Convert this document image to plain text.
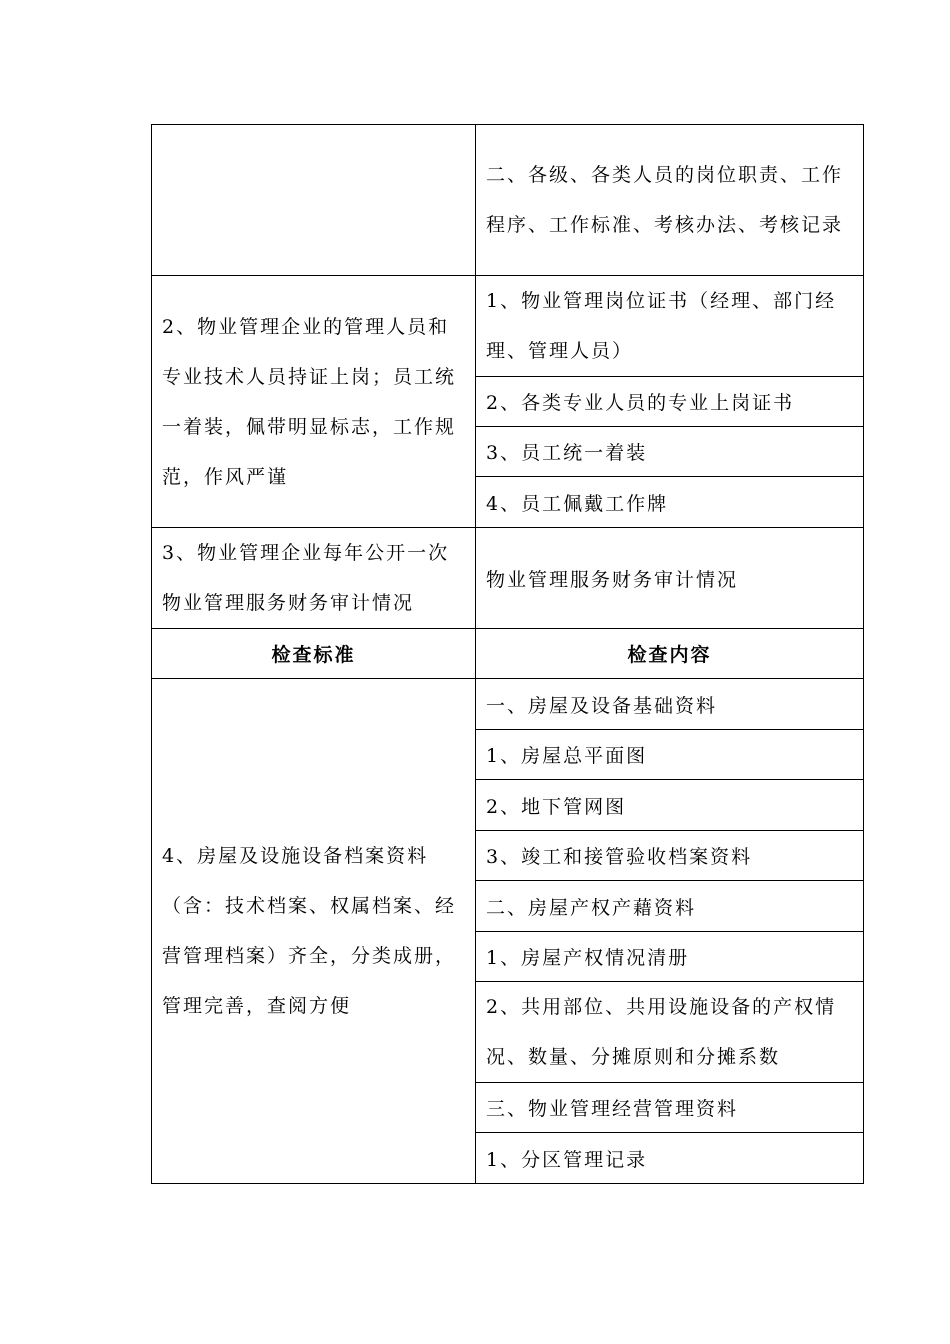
	二、各级、各类人员的岗位职责、工作程序、工作标准、考核办法、考核记录
2、物业管理企业的管理人员和专业技术人员持证上岗；员工统一着装，佩带明显标志，工作规范，作风严谨	1、物业管理岗位证书（经理、部门经理、管理人员）
	2、各类专业人员的专业上岗证书
	3、员工统一着装
	4、员工佩戴工作牌
3、物业管理企业每年公开一次物业管理服务财务审计情况	物业管理服务财务审计情况
检查标准	检查内容
4、房屋及设施设备档案资料（含：技术档案、权属档案、经营管理档案）齐全，分类成册，管理完善，查阅方便	一、房屋及设备基础资料
	1、房屋总平面图
	2、地下管网图
	3、竣工和接管验收档案资料
	二、房屋产权产藉资料
	1、房屋产权情况清册
	2、共用部位、共用设施设备的产权情况、数量、分摊原则和分摊系数
	三、物业管理经营管理资料
	1、分区管理记录
